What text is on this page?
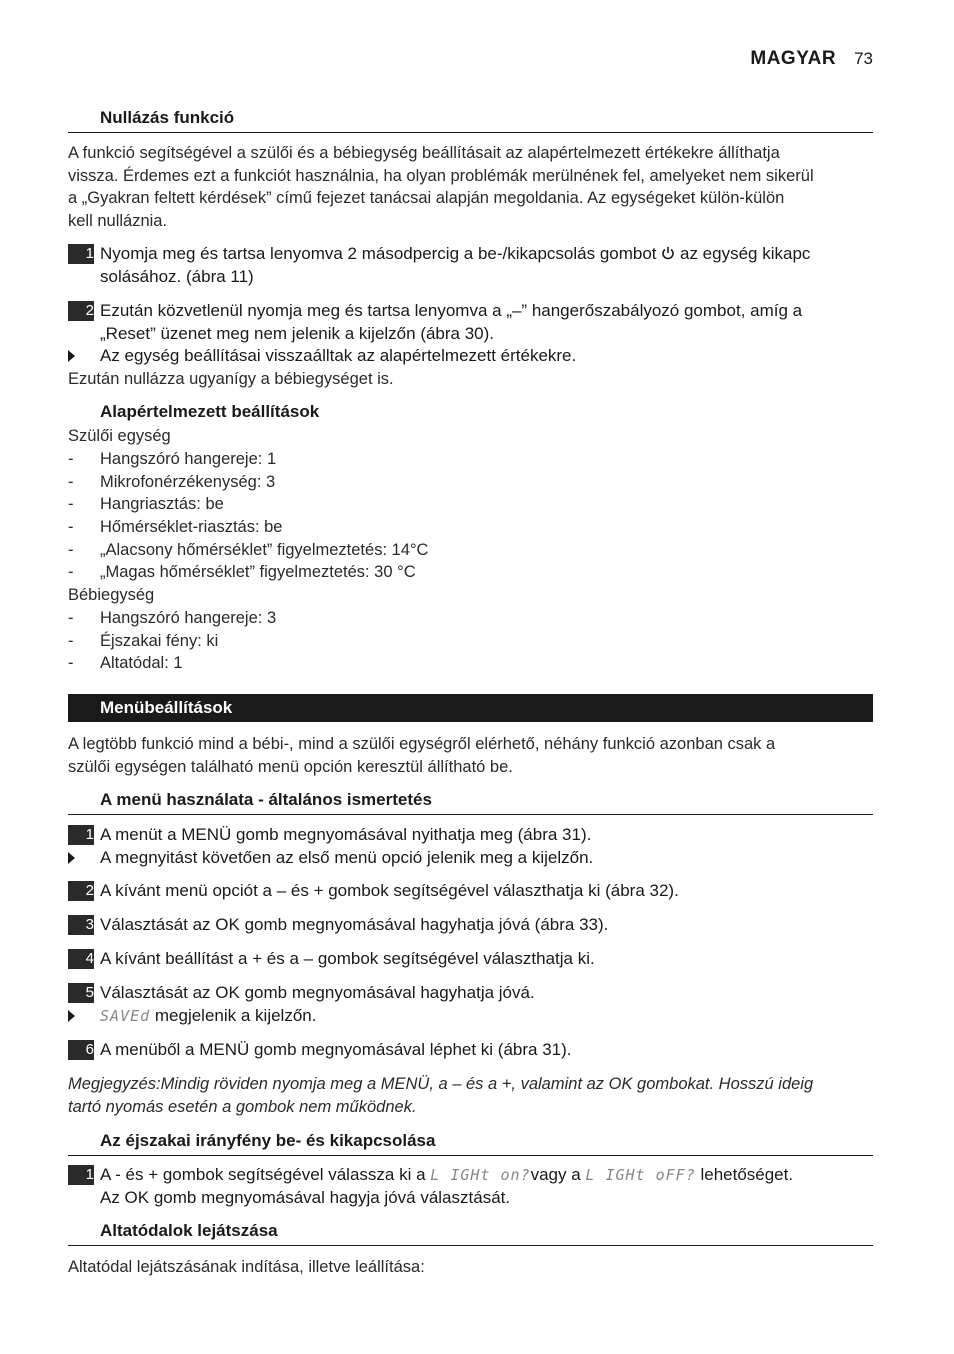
MAGYAR 73
Nullázás funkció
A funkció segítségével a szülői és a bébiegység beállításait az alapértelmezett értékekre állíthatja
vissza. Érdemes ezt a funkciót használnia, ha olyan problémák merülnének fel, amelyeket nem sikerül
a „Gyakran feltett kérdések” című fejezet tanácsai alapján megoldania. Az egységeket külön-külön
kell nulláznia.
1 Nyomja meg és tartsa lenyomva 2 másodpercig a be-/kikapcsolás gombot  az egység kikapc
solásához. (ábra 11)
2 Ezután közvetlenül nyomja meg és tartsa lenyomva a „–” hangerőszabályozó gombot, amíg a
„Reset” üzenet meg nem jelenik a kijelzőn (ábra 30).
Az egység beállításai visszaálltak az alapértelmezett értékekre.
Ezután nullázza ugyanígy a bébiegységet is.
Alapértelmezett beállítások
Szülői egység
- Hangszóró hangereje: 1
- Mikrofonérzékenység: 3
- Hangriasztás: be
- Hőmérséklet-riasztás: be
- „Alacsony hőmérséklet” figyelmeztetés: 14°C
- „Magas hőmérséklet” figyelmeztetés: 30 °C
Bébiegység
- Hangszóró hangereje: 3
- Éjszakai fény: ki
- Altatódal: 1
Menübeállítások
A legtöbb funkció mind a bébi-, mind a szülői egységről elérhető, néhány funkció azonban csak a
szülői egységen található menü opción keresztül állítható be.
A menü használata - általános ismertetés
1 A menüt a MENÜ gomb megnyomásával nyithatja meg (ábra 31).
A megnyitást követően az első menü opció jelenik meg a kijelzőn.
2 A kívánt menü opciót a – és + gombok segítségével választhatja ki (ábra 32).
3 Választását az OK gomb megnyomásával hagyhatja jóvá (ábra 33).
4 A kívánt beállítást a + és a – gombok segítségével választhatja ki.
5 Választását az OK gomb megnyomásával hagyhatja jóvá.
SAVEd megjelenik a kijelzőn.
6 A menüből a MENÜ gomb megnyomásával léphet ki (ábra 31).
Megjegyzés:Mindig röviden nyomja meg a MENÜ, a – és a +, valamint az OK gombokat. Hosszú ideig
tartó nyomás esetén a gombok nem működnek.
Az éjszakai irányfény be- és kikapcsolása
1 A - és + gombok segítségével válassza ki a L IGHt on?vagy a L IGHt oFF? lehetőséget.
Az OK gomb megnyomásával hagyja jóvá választását.
Altatódalok lejátszása
Altatódal lejátszásának indítása, illetve leállítása:
